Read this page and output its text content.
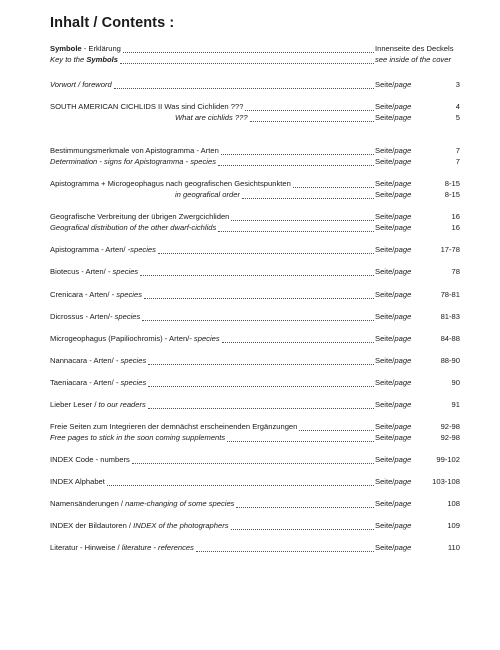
Inhalt / Contents :
Symbole - Erklärung	Innenseite des Deckels
Key to the Symbols	see inside of the cover
Vorwort / foreword	Seite/page	3
SOUTH AMERICAN CICHLIDS II Was sind Cichliden ???	Seite/page	4
What are cichlids ???	Seite/page	5
Bestimmungsmerkmale von Apistogramma - Arten	Seite/page	7
Determination - signs for Apistogramma - species	Seite/page	7
Apistogramma + Microgeophagus nach geografischen Gesichtspunkten	Seite/page	8-15
in geografical order	Seite/page	8-15
Geografische Verbreitung der übrigen Zwergcichliden	Seite/page	16
Geografical distribution of the other dwarf-cichlids	Seite/page	16
Apistogramma - Arten/ -species	Seite/page	17-78
Biotecus - Arten/ - species	Seite/page	78
Crenicara - Arten/ - species	Seite/page	78-81
Dicrossus - Arten/- species	Seite/page	81-83
Microgeophagus (Papiliochromis) - Arten/- species	Seite/page	84-88
Nannacara - Arten/ - species	Seite/page	88-90
Taeniacara - Arten/ - species	Seite/page	90
Lieber Leser / to our readers	Seite/page	91
Freie Seiten zum Integrieren der demnächst erscheinenden Ergänzungen	Seite/page	92-98
Free pages to stick in the soon coming supplements	Seite/page	92-98
INDEX Code - numbers	Seite/page	99-102
INDEX Alphabet	Seite/page	103-108
Namensänderungen / name-changing of some species	Seite/page	108
INDEX der Bildautoren / INDEX of the photographers	Seite/page	109
Literatur - Hinweise / literature - references	Seite/page	110
